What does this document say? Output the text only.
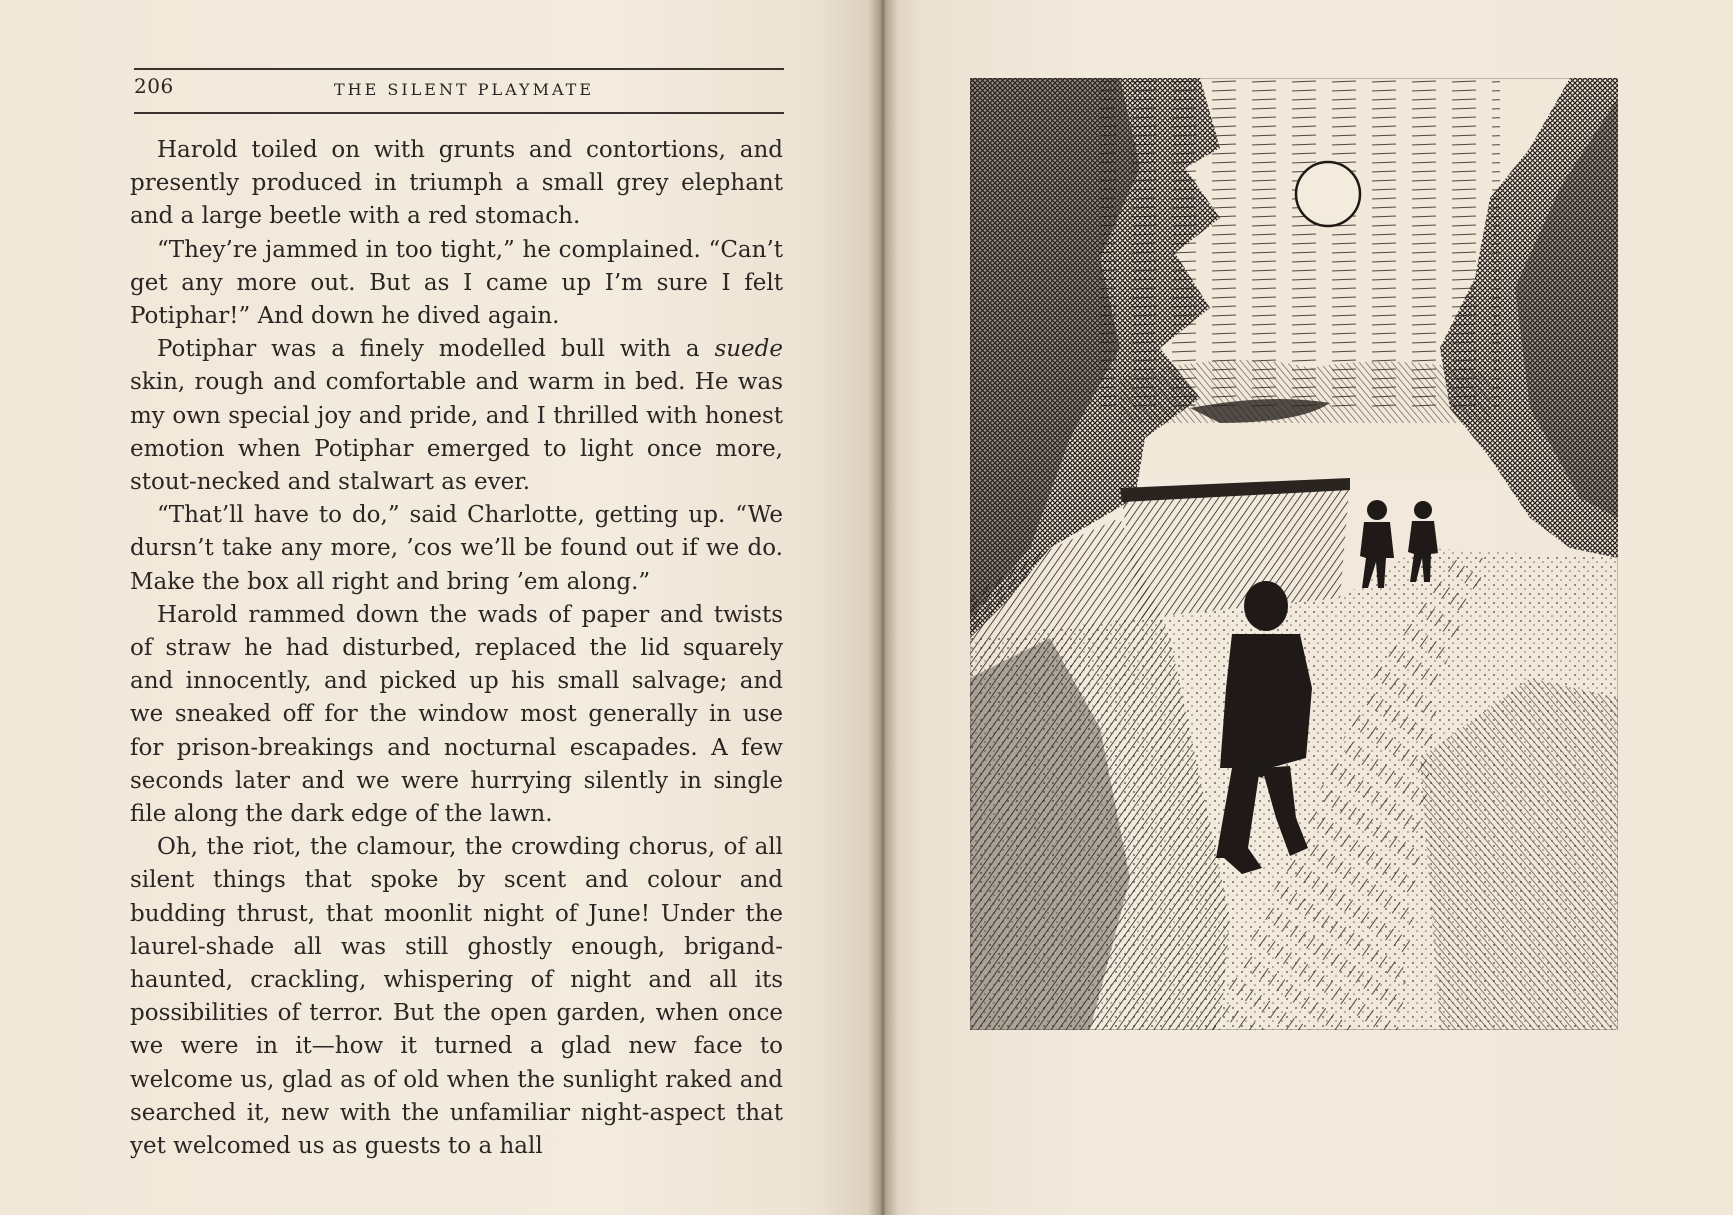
206	THE SILENT PLAYMATE

Harold toiled on with grunts and contortions, and presently produced in triumph a small grey elephant and a large beetle with a red stomach.

“They’re jammed in too tight,” he complained. “Can’t get any more out. But as I came up I’m sure I felt Potiphar!” And down he dived again.

Potiphar was a finely modelled bull with a suede skin, rough and comfortable and warm in bed. He was my own special joy and pride, and I thrilled with honest emotion when Potiphar emerged to light once more, stout-necked and stalwart as ever.

“That’ll have to do,” said Charlotte, getting up. “We dursn’t take any more, ’cos we’ll be found out if we do. Make the box all right and bring ’em along.”

Harold rammed down the wads of paper and twists of straw he had disturbed, replaced the lid squarely and innocently, and picked up his small salvage; and we sneaked off for the window most generally in use for prison-breakings and nocturnal escapades. A few seconds later and we were hurrying silently in single file along the dark edge of the lawn.

Oh, the riot, the clamour, the crowding chorus, of all silent things that spoke by scent and colour and budding thrust, that moonlit night of June! Under the laurel-shade all was still ghostly enough, brigand-haunted, crackling, whispering of night and all its possibilities of terror. But the open garden, when once we were in it—how it turned a glad new face to welcome us, glad as of old when the sunlight raked and searched it, new with the unfamiliar night-aspect that yet welcomed us as guests to a hall
